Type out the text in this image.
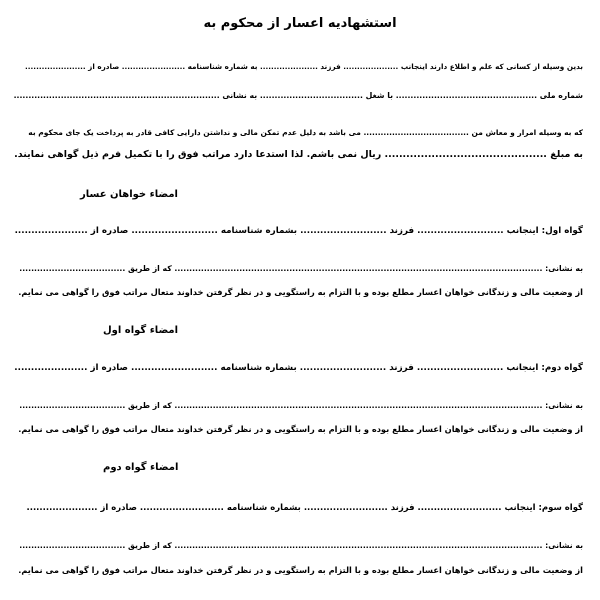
استشهادیه اعسار از محکوم به
بدین وسیله از کسانی که علم و اطلاع دارند اینجانب .................... فرزند ..................... به شماره شناسنامه ....................... صادره از ......................
شماره ملی ................................................ با شغل ................................... به نشانی ......................................................................
که به وسیله امرار و معاش من ..................................... می باشد به دلیل عدم تمکن مالی و نداشتن دارایی کافی قادر به پرداخت یک جای محکوم به
به مبلغ ............................................. ریال نمی باشم. لذا استدعا دارد مراتب فوق را با تکمیل فرم ذیل گواهی نمایند.
امضاء خواهان عسار
گواه اول: اینجانب .......................... فرزند .......................... بشماره شناسنامه .......................... صادره از ......................
به نشانی: ............................................................................................................................. که از طریق ....................................
از وضعیت مالی و زندگانی خواهان اعسار مطلع بوده و با التزام به راستگویی و در نظر گرفتن خداوند متعال مراتب فوق را گواهی می نمایم.
امضاء گواه اول
گواه دوم: اینجانب .......................... فرزند .......................... بشماره شناسنامه .......................... صادره از ......................
به نشانی: ............................................................................................................................. که از طریق ....................................
از وضعیت مالی و زندگانی خواهان اعسار مطلع بوده و با التزام به راستگویی و در نظر گرفتن خداوند متعال مراتب فوق را گواهی می نمایم.
امضاء گواه دوم
گواه سوم: اینجانب .......................... فرزند .......................... بشماره شناسنامه .......................... صادره از ......................
به نشانی: ............................................................................................................................. که از طریق ....................................
از وضعیت مالی و زندگانی خواهان اعسار مطلع بوده و با التزام به راستگویی و در نظر گرفتن خداوند متعال مراتب فوق را گواهی می نمایم.
